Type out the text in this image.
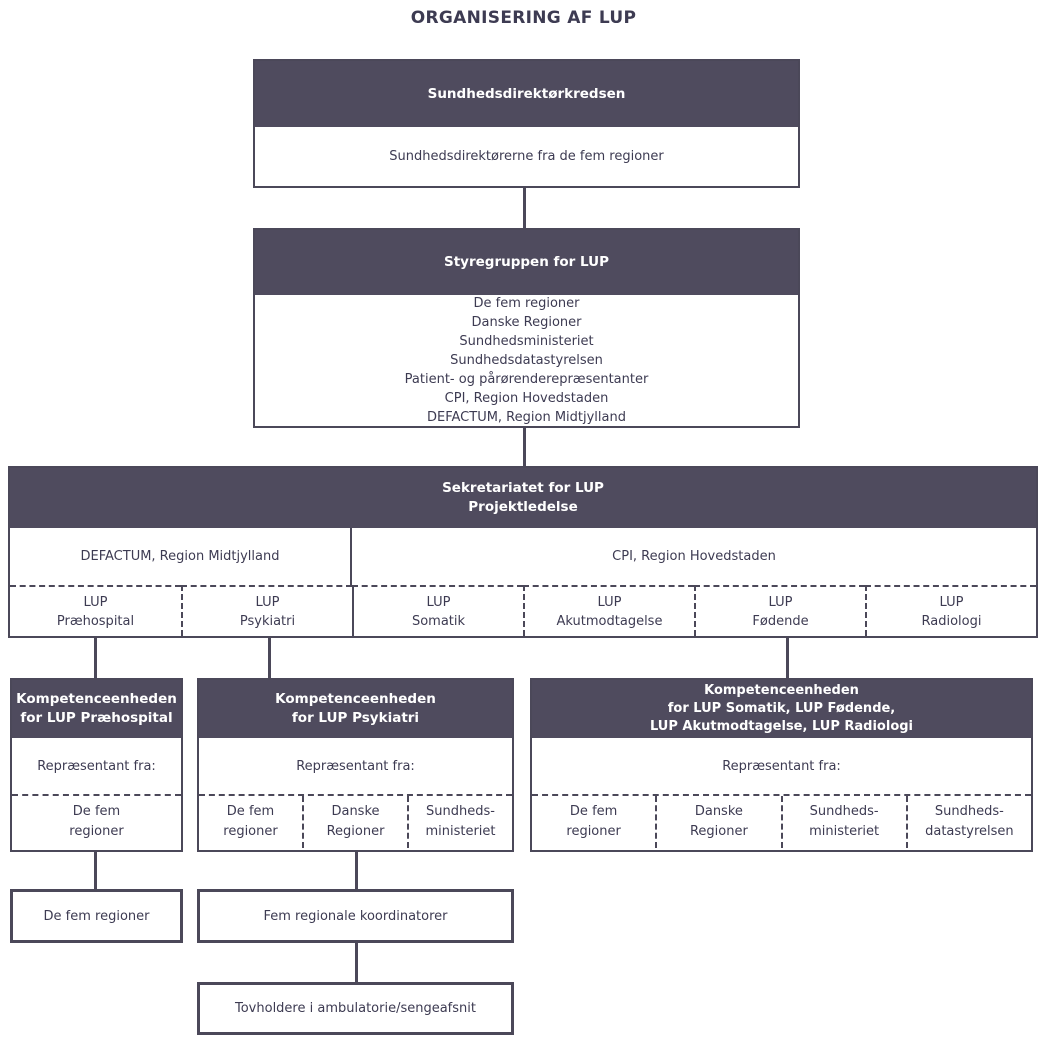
ORGANISERING AF LUP
Sundhedsdirektørkredsen
Sundhedsdirektørerne fra de fem regioner
Styregruppen for LUP
De fem regioner
Danske Regioner
Sundhedsministeriet
Sundhedsdatastyrelsen
Patient- og pårørenderepræsentanter
CPI, Region Hovedstaden
DEFACTUM, Region Midtjylland
Sekretariatet for LUP
Projektledelse
DEFACTUM, Region Midtjylland	CPI, Region Hovedstaden
LUP
Præhospital
LUP
Psykiatri
LUP
Somatik
LUP
Akutmodtagelse
LUP
Fødende
LUP
Radiologi
Kompetenceenheden
for LUP Præhospital
Repræsentant fra:
De fem
regioner
Kompetenceenheden
for LUP Psykiatri
Repræsentant fra:
De fem
regioner
Danske
Regioner
Sundheds-
ministeriet
Kompetenceenheden
for LUP Somatik, LUP Fødende,
LUP Akutmodtagelse, LUP Radiologi
Repræsentant fra:
De fem
regioner
Danske
Regioner
Sundheds-
ministeriet
Sundheds-
datastyrelsen
De fem regioner	Fem regionale koordinatorer
Tovholdere i ambulatorie/sengeafsnit
